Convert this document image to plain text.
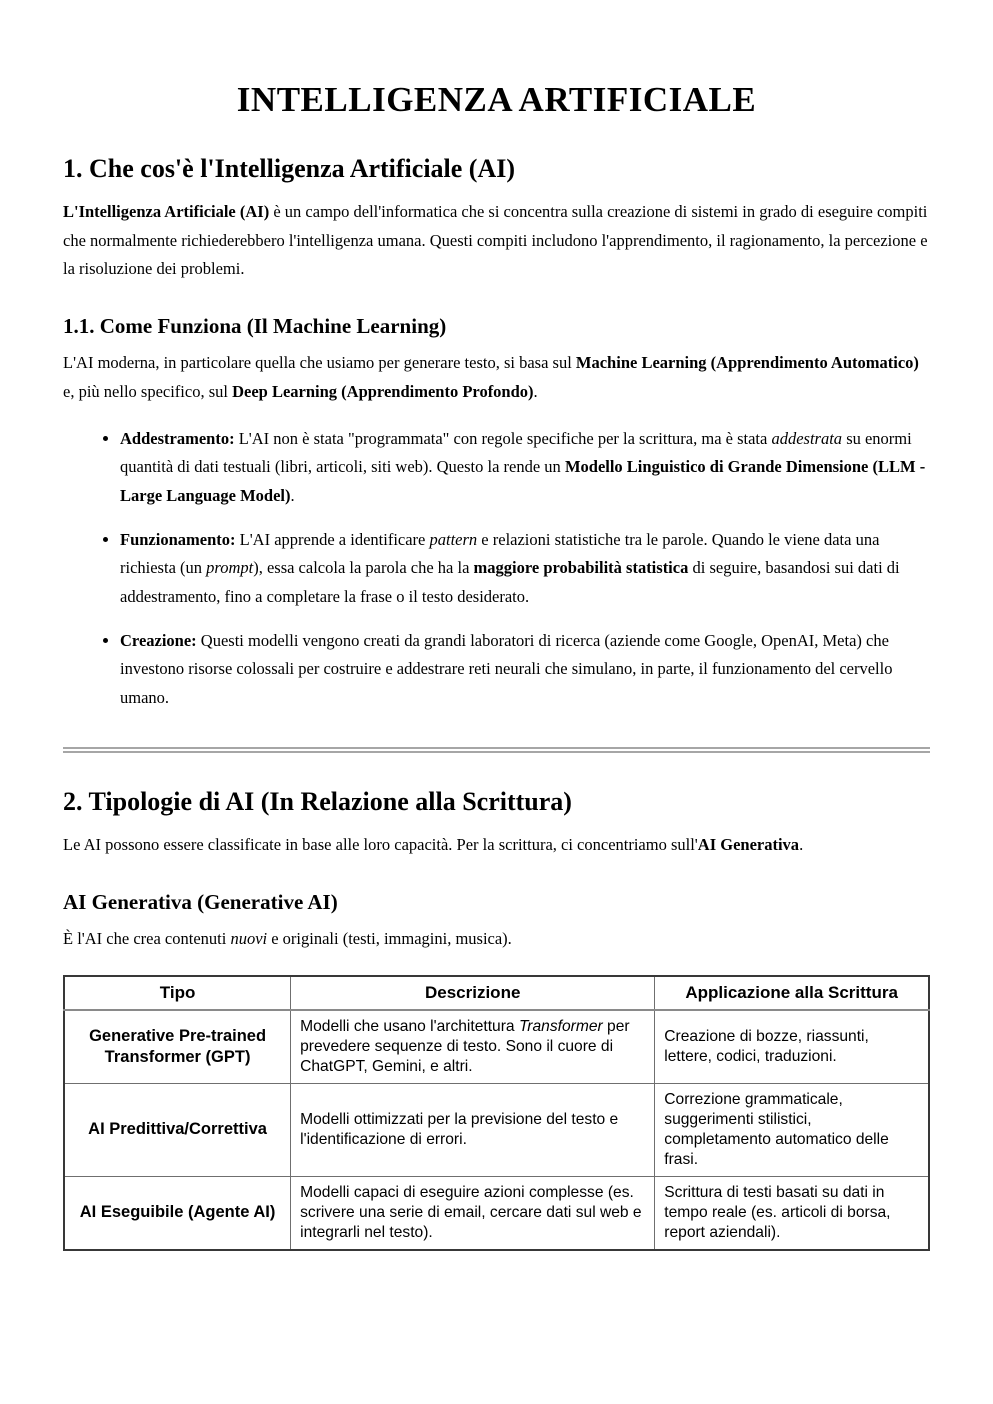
INTELLIGENZA ARTIFICIALE
1. Che cos'è l'Intelligenza Artificiale (AI)

L'Intelligenza Artificiale (AI) è un campo dell'informatica che si concentra sulla creazione di sistemi in grado di eseguire compiti che normalmente richiederebbero l'intelligenza umana. Questi compiti includono l'apprendimento, il ragionamento, la percezione e la risoluzione dei problemi.

1.1. Come Funziona (Il Machine Learning)

L'AI moderna, in particolare quella che usiamo per generare testo, si basa sul Machine Learning (Apprendimento Automatico) e, più nello specifico, sul Deep Learning (Apprendimento Profondo).

• Addestramento: L'AI non è stata "programmata" con regole specifiche per la scrittura, ma è stata addestrata su enormi quantità di dati testuali (libri, articoli, siti web). Questo la rende un Modello Linguistico di Grande Dimensione (LLM - Large Language Model).
• Funzionamento: L'AI apprende a identificare pattern e relazioni statistiche tra le parole. Quando le viene data una richiesta (un prompt), essa calcola la parola che ha la maggiore probabilità statistica di seguire, basandosi sui dati di addestramento, fino a completare la frase o il testo desiderato.
• Creazione: Questi modelli vengono creati da grandi laboratori di ricerca (aziende come Google, OpenAI, Meta) che investono risorse colossali per costruire e addestrare reti neurali che simulano, in parte, il funzionamento del cervello umano.
2. Tipologie di AI (In Relazione alla Scrittura)

Le AI possono essere classificate in base alle loro capacità. Per la scrittura, ci concentriamo sull'AI Generativa.

AI Generativa (Generative AI)

È l'AI che crea contenuti nuovi e originali (testi, immagini, musica).

Tipo	Descrizione	Applicazione alla Scrittura
Generative Pre-trained Transformer (GPT)	Modelli che usano l'architettura Transformer per prevedere sequenze di testo. Sono il cuore di ChatGPT, Gemini, e altri.	Creazione di bozze, riassunti, lettere, codici, traduzioni.
AI Predittiva/Correttiva	Modelli ottimizzati per la previsione del testo e l'identificazione di errori.	Correzione grammaticale, suggerimenti stilistici, completamento automatico delle frasi.
AI Eseguibile (Agente AI)	Modelli capaci di eseguire azioni complesse (es. scrivere una serie di email, cercare dati sul web e integrarli nel testo).	Scrittura di testi basati su dati in tempo reale (es. articoli di borsa, report aziendali).
